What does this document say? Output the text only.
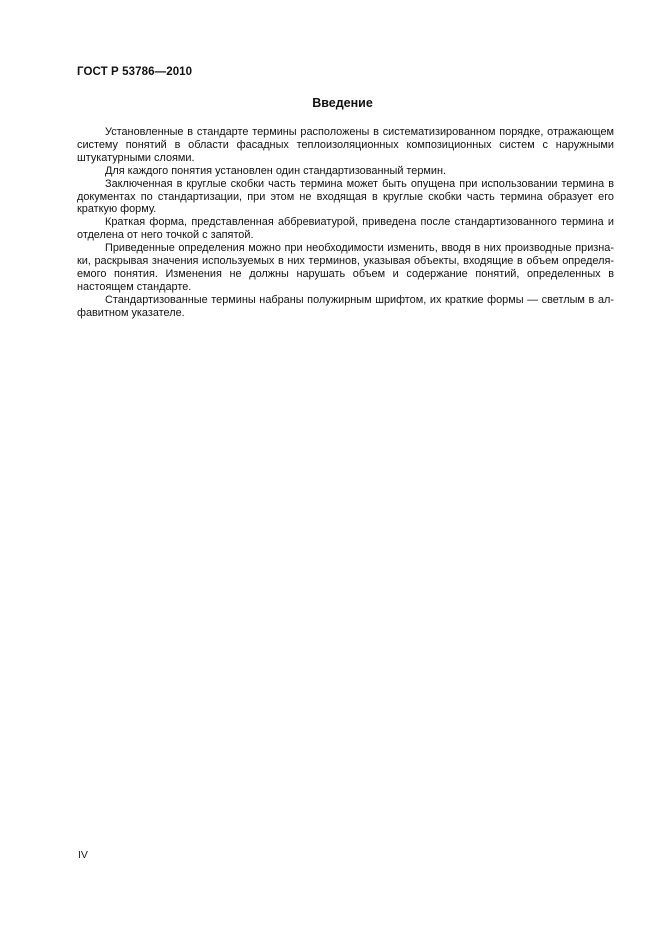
ГОСТ Р 53786—2010
Введение

Установленные в стандарте термины расположены в систематизированном порядке, отражающем систему понятий в области фасадных теплоизоляционных композиционных систем с наружными штукатурными слоями.

Для каждого понятия установлен один стандартизованный термин.

Заключенная в круглые скобки часть термина может быть опущена при использовании термина в документах по стандартизации, при этом не входящая в круглые скобки часть термина образует его краткую форму.

Краткая форма, представленная аббревиатурой, приведена после стандартизованного термина и отделена от него точкой с запятой.

Приведенные определения можно при необходимости изменить, вводя в них производные признаки, раскрывая значения используемых в них терминов, указывая объекты, входящие в объем определяемого понятия. Изменения не должны нарушать объем и содержание понятий, определенных в настоящем стандарте.

Стандартизованные термины набраны полужирным шрифтом, их краткие формы — светлым в алфавитном указателе.

IV
